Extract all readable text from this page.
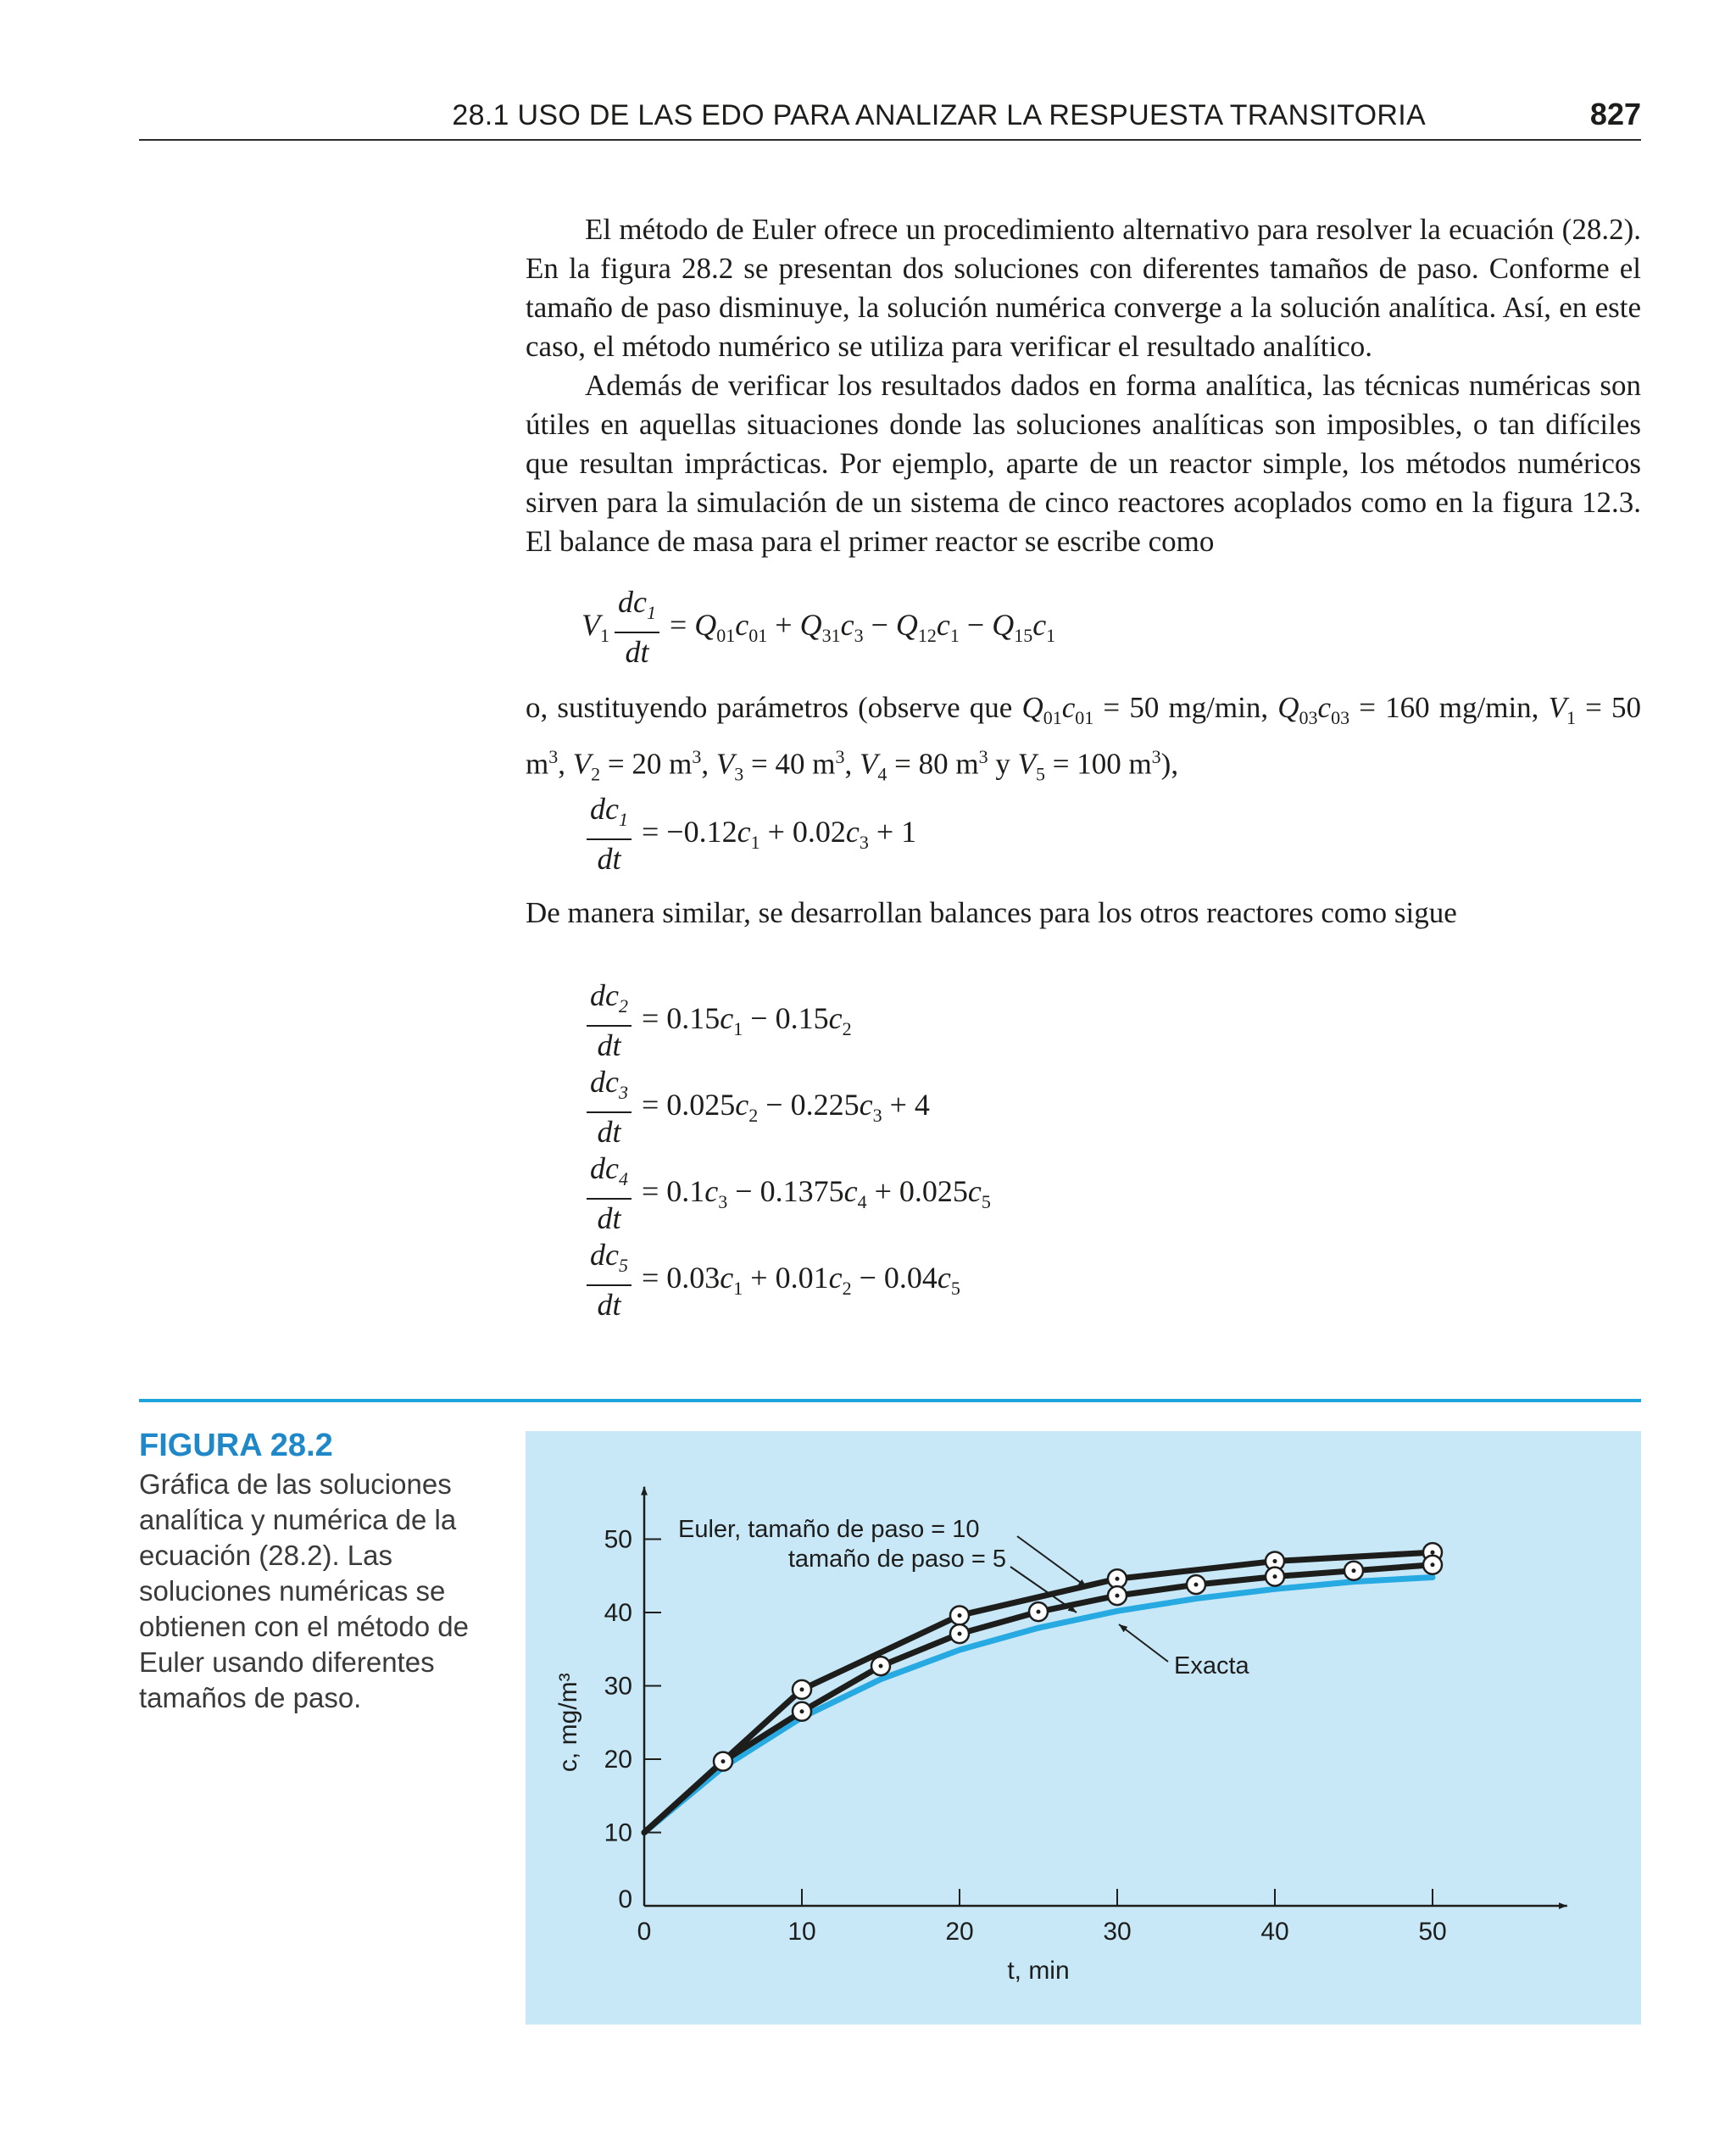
28.1 USO DE LAS EDO PARA ANALIZAR LA RESPUESTA TRANSITORIA	827

El método de Euler ofrece un procedimiento alternativo para resolver la ecuación (28.2). En la figura 28.2 se presentan dos soluciones con diferentes tamaños de paso. Conforme el tamaño de paso disminuye, la solución numérica converge a la solución analítica. Así, en este caso, el método numérico se utiliza para verificar el resultado analítico.

Además de verificar los resultados dados en forma analítica, las técnicas numéricas son útiles en aquellas situaciones donde las soluciones analíticas son imposibles, o tan difíciles que resultan imprácticas. Por ejemplo, aparte de un reactor simple, los métodos numéricos sirven para la simulación de un sistema de cinco reactores acoplados como en la figura 12.3. El balance de masa para el primer reactor se escribe como

$V_1 \frac{dc_1}{dt} = Q_{01}c_{01} + Q_{31}c_3 - Q_{12}c_1 - Q_{15}c_1$
o, sustituyendo parámetros (observe que $Q_{01}c_{01} = 50$ mg/min, $Q_{03}c_{03} = 160$ mg/min, $V_1 = 50$ $m^3$, $V_2 = 20$ $m^3$, $V_3 = 40$ $m^3$, $V_4 = 80$ $m^3$ y $V_5 = 100$ $m^3$),
$\frac{dc_1}{dt} = -0.12c_1 + 0.02c_3 + 1$
De manera similar, se desarrollan balances para los otros reactores como sigue
$\frac{dc_2}{dt} = 0.15c_1 - 0.15c_2$
$\frac{dc_3}{dt} = 0.025c_2 - 0.225c_3 + 4$
$\frac{dc_4}{dt} = 0.1c_3 - 0.1375c_4 + 0.025c_5$
$\frac{dc_5}{dt} = 0.03c_1 + 0.01c_2 - 0.04c_5$
FIGURA 28.2
Gráfica de las soluciones analítica y numérica de la ecuación (28.2). Las soluciones numéricas se obtienen con el método de Euler usando diferentes tamaños de paso.
0	10	20	30	40	50
0
10
20
30
40
50
t, min
c, mg/m³
Euler, tamaño de paso = 10
tamaño de paso = 5
Exacta
